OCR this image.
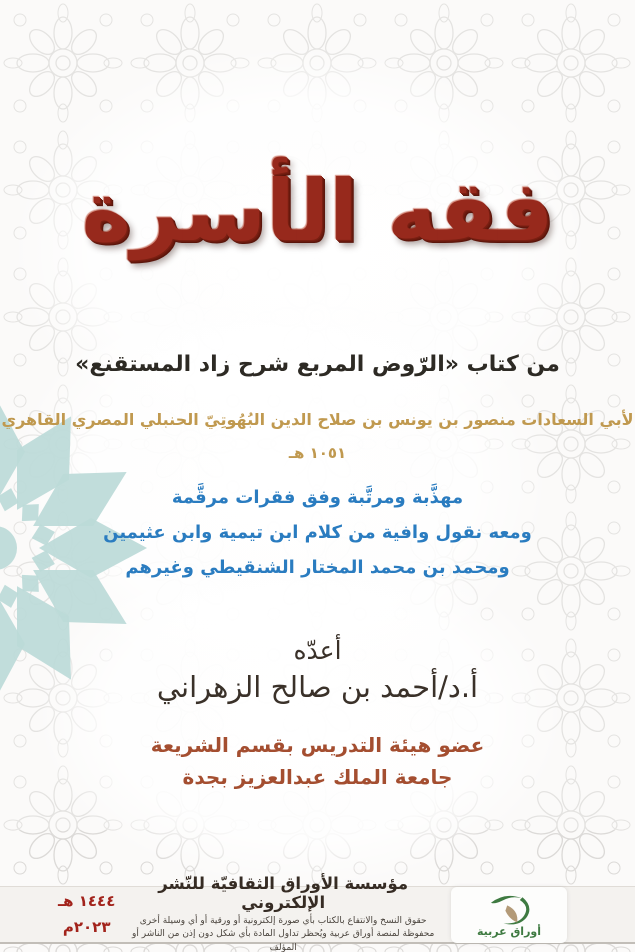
فقه الأسرة
من كتاب «الرّوض المربع شرح زاد المستقنع»
لأبي السعادات منصور بن يونس بن صلاح الدين البُهُوتِيّ الحنبلي المصري القاهري
١٠٥١ هـ
مهذَّبة ومرتَّبة وفق فقرات مرقَّمة
ومعه نقول وافية من كلام ابن تيمية وابن عثيمين
ومحمد بن محمد المختار الشنقيطي وغيرهم
أعدّه
أ.د/أحمد بن صالح الزهراني
عضو هيئة التدريس بقسم الشريعة
جامعة الملك عبدالعزيز بجدة
أوراق عربية
مؤسسة الأوراق الثقافيّة للنّشر الإلكتروني
حقوق النسخ والانتفاع بالكتاب بأي صورة إلكترونية أو ورقية أو أي وسيلة أخرى
محفوظة لمنصة أوراق عربية ويُحظر تداول المادة بأي شكل دون إذن من الناشر أو المؤلف
١٤٤٤ هـ
٢٠٢٣م
